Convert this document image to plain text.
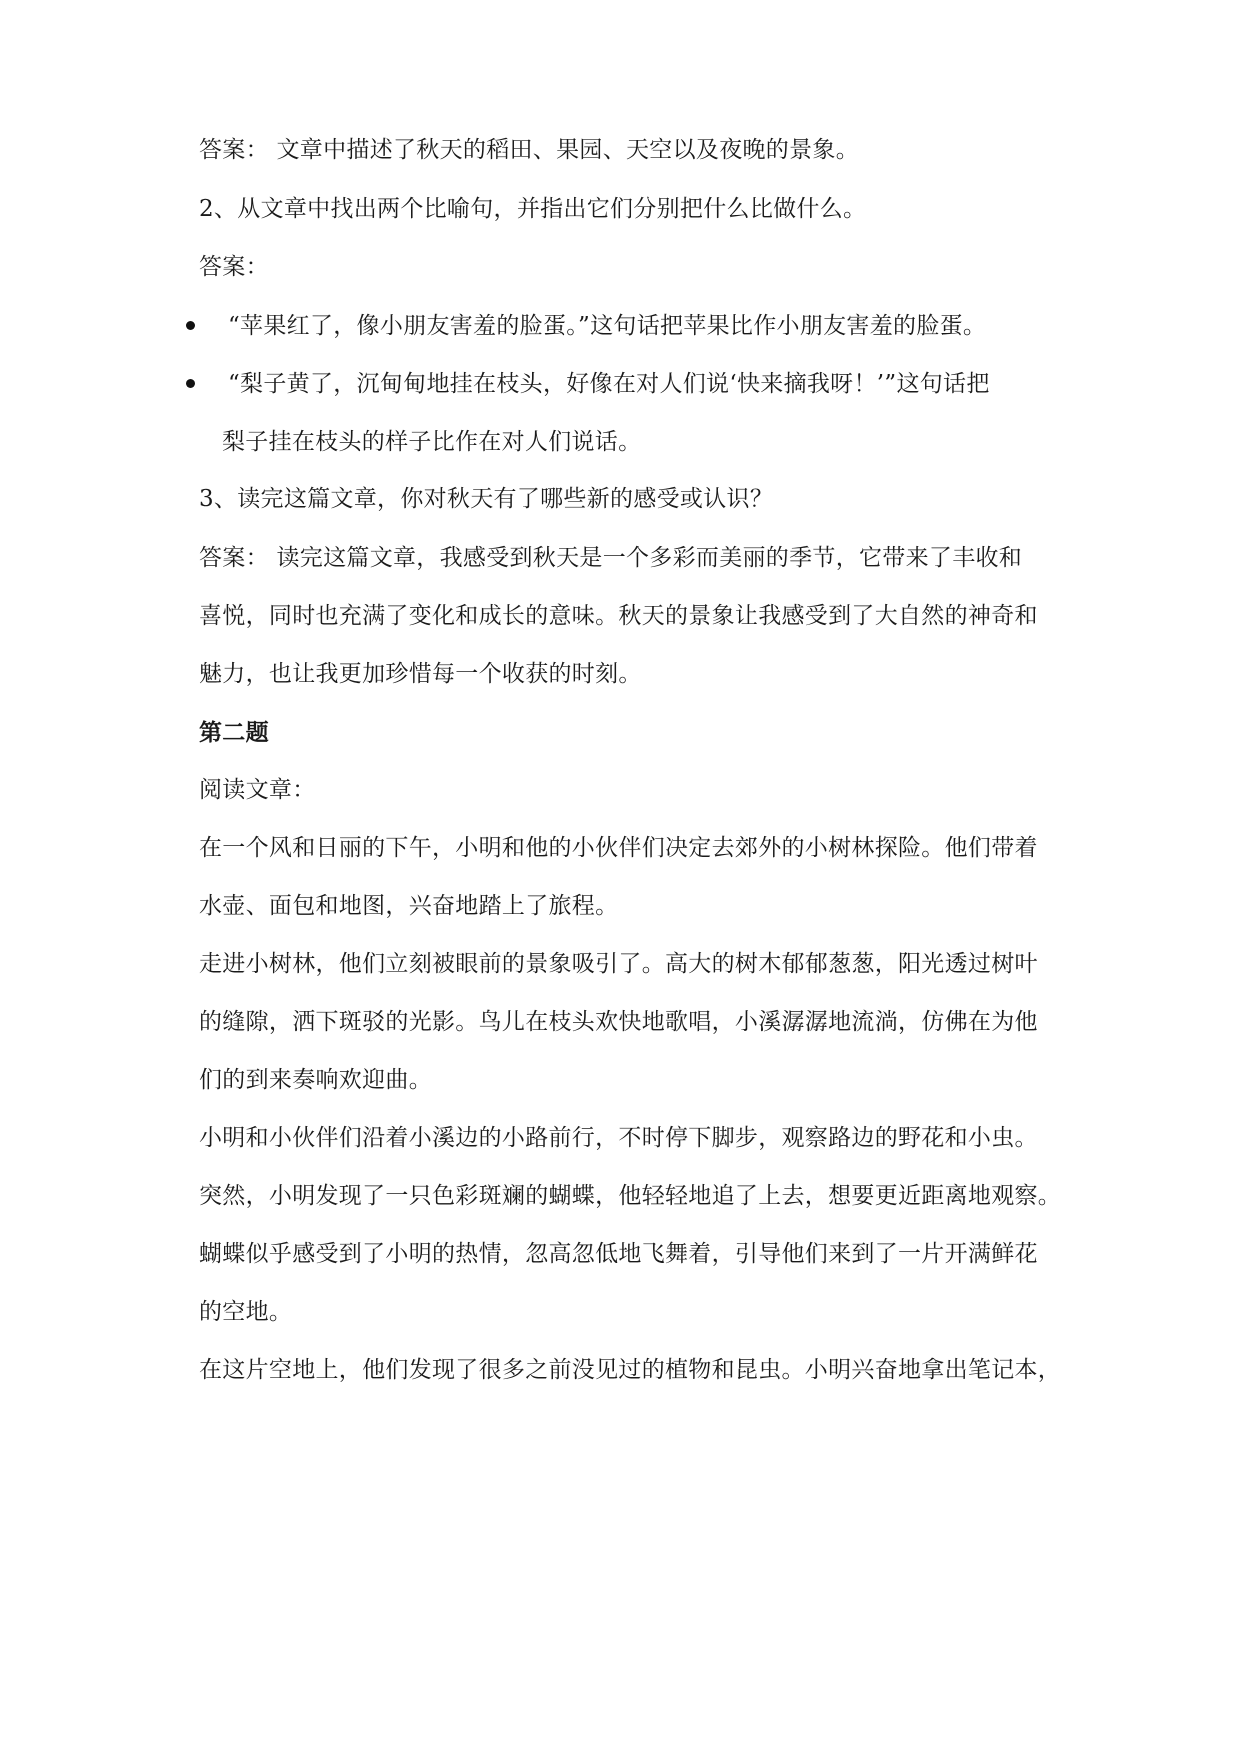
答案： 文章中描述了秋天的稻田、果园、天空以及夜晚的景象。
2、从文章中找出两个比喻句，并指出它们分别把什么比做什么。
答案：
“苹果红了，像小朋友害羞的脸蛋。”这句话把苹果比作小朋友害羞的脸蛋。
“梨子黄了，沉甸甸地挂在枝头，好像在对人们说‘快来摘我呀！’”这句话把
梨子挂在枝头的样子比作在对人们说话。
3、读完这篇文章，你对秋天有了哪些新的感受或认识？
答案： 读完这篇文章，我感受到秋天是一个多彩而美丽的季节，它带来了丰收和
喜悦，同时也充满了变化和成长的意味。秋天的景象让我感受到了大自然的神奇和
魅力，也让我更加珍惜每一个收获的时刻。
第二题
阅读文章：
在一个风和日丽的下午，小明和他的小伙伴们决定去郊外的小树林探险。他们带着
水壶、面包和地图，兴奋地踏上了旅程。
走进小树林，他们立刻被眼前的景象吸引了。高大的树木郁郁葱葱，阳光透过树叶
的缝隙，洒下斑驳的光影。鸟儿在枝头欢快地歌唱，小溪潺潺地流淌，仿佛在为他
们的到来奏响欢迎曲。
小明和小伙伴们沿着小溪边的小路前行，不时停下脚步，观察路边的野花和小虫。
突然，小明发现了一只色彩斑斓的蝴蝶，他轻轻地追了上去，想要更近距离地观察。
蝴蝶似乎感受到了小明的热情，忽高忽低地飞舞着，引导他们来到了一片开满鲜花
的空地。
在这片空地上，他们发现了很多之前没见过的植物和昆虫。小明兴奋地拿出笔记本，
